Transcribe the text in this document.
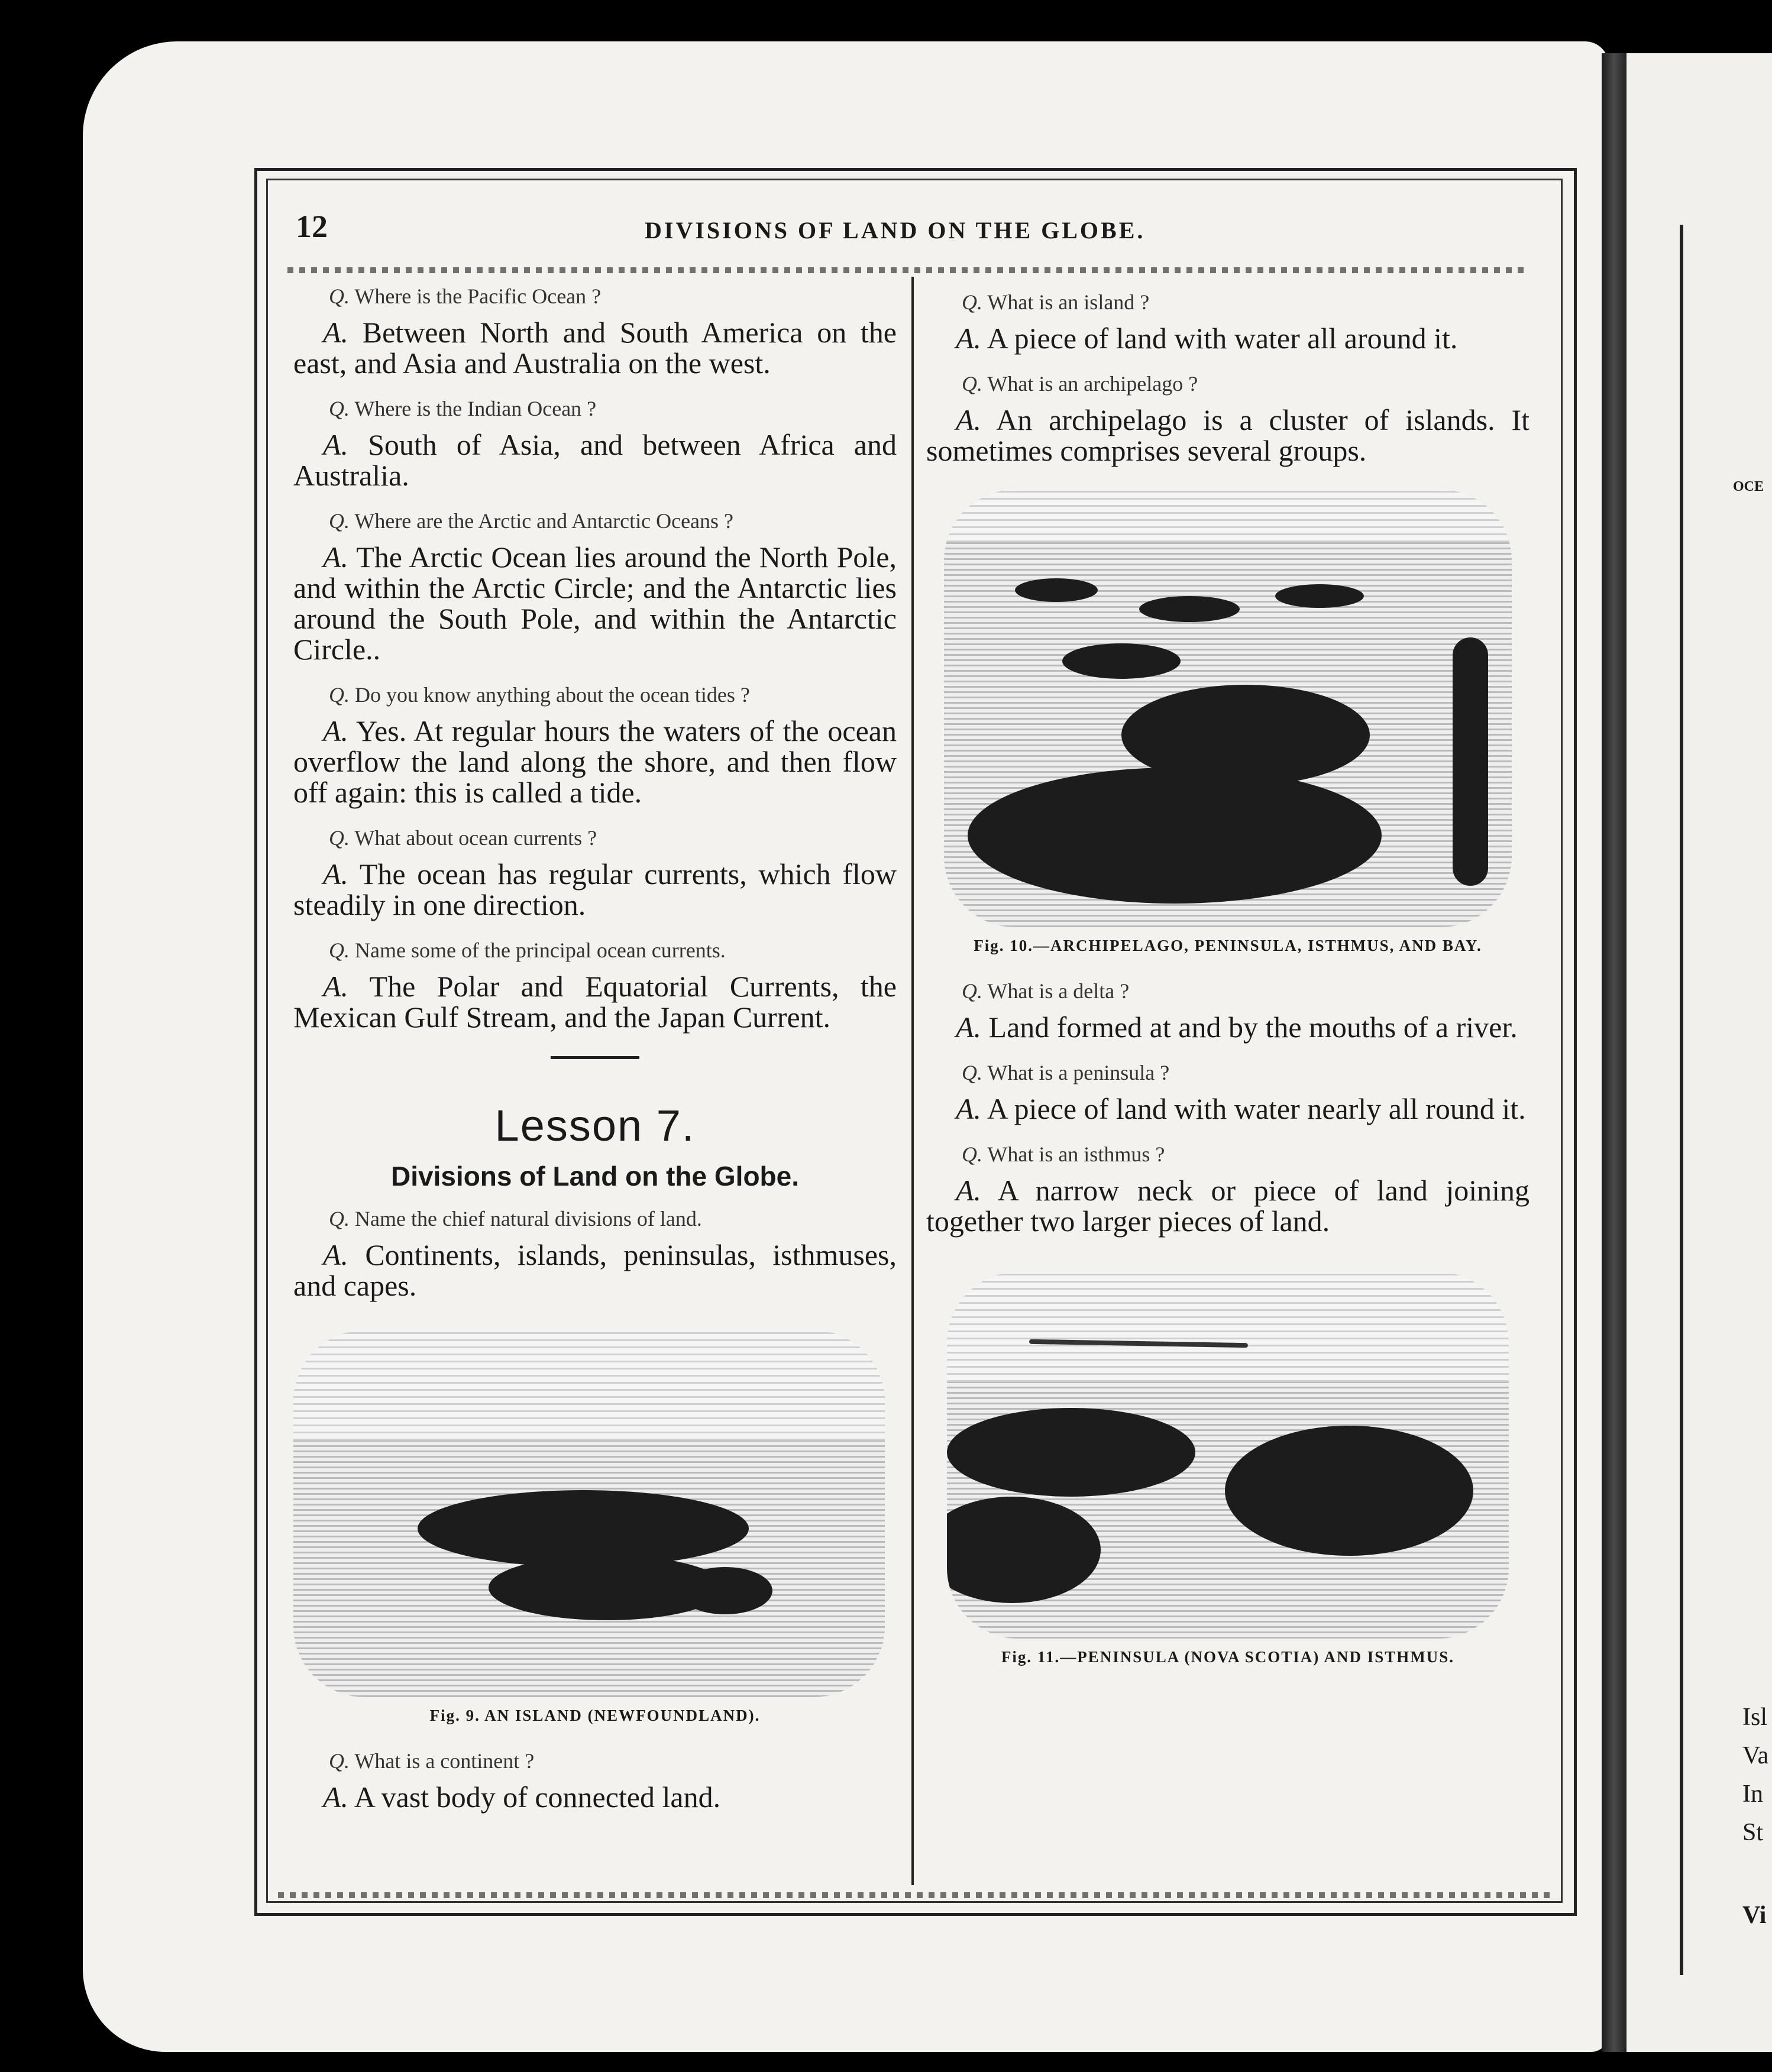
OCE
Isl
Va
In
St
Vi
12	DIVISIONS OF LAND ON THE GLOBE.
Q. Where is the Pacific Ocean ?
A. Between North and South America on the east, and Asia and Australia on the west.
Q. Where is the Indian Ocean ?
A. South of Asia, and between Africa and Australia.
Q. Where are the Arctic and Antarctic Oceans ?
A. The Arctic Ocean lies around the North Pole, and within the Arctic Circle; and the Antarctic lies around the South Pole, and within the Antarctic Circle..
Q. Do you know anything about the ocean tides ?
A. Yes. At regular hours the waters of the ocean overflow the land along the shore, and then flow off again: this is called a tide.
Q. What about ocean currents ?
A. The ocean has regular currents, which flow steadily in one direction.
Q. Name some of the principal ocean currents.
A. The Polar and Equatorial Currents, the Mexican Gulf Stream, and the Japan Current.
Lesson 7.
Divisions of Land on the Globe.
Q. Name the chief natural divisions of land.
A. Continents, islands, peninsulas, isthmuses, and capes.
Fig. 9. AN ISLAND (NEWFOUNDLAND).
Q. What is a continent ?
A. A vast body of connected land.
Q. What is an island ?
A. A piece of land with water all around it.
Q. What is an archipelago ?
A. An archipelago is a cluster of islands. It sometimes comprises several groups.
Fig. 10.—ARCHIPELAGO, PENINSULA, ISTHMUS, AND BAY.
Q. What is a delta ?
A. Land formed at and by the mouths of a river.
Q. What is a peninsula ?
A. A piece of land with water nearly all round it.
Q. What is an isthmus ?
A. A narrow neck or piece of land joining together two larger pieces of land.
Fig. 11.—PENINSULA (NOVA SCOTIA) AND ISTHMUS.
